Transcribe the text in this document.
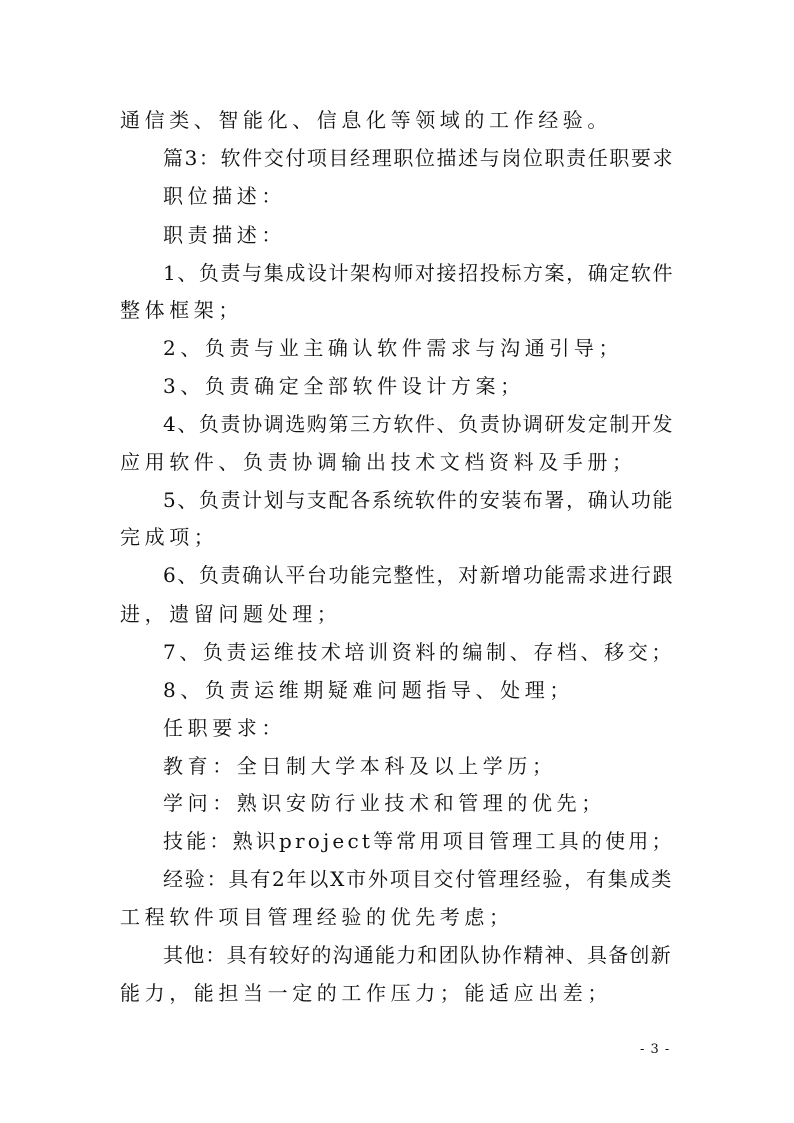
通信类、智能化、信息化等领域的工作经验。
篇3：软件交付项目经理职位描述与岗位职责任职要求
职位描述：
职责描述：
1、负责与集成设计架构师对接招投标方案，确定软件
整体框架；
2、负责与业主确认软件需求与沟通引导；
3、负责确定全部软件设计方案；
4、负责协调选购第三方软件、负责协调研发定制开发
应用软件、负责协调输出技术文档资料及手册；
5、负责计划与支配各系统软件的安装布署，确认功能
完成项；
6、负责确认平台功能完整性，对新增功能需求进行跟
进，遗留问题处理；
7、负责运维技术培训资料的编制、存档、移交；
8、负责运维期疑难问题指导、处理；
任职要求：
教育：全日制大学本科及以上学历；
学问：熟识安防行业技术和管理的优先；
技能：熟识project等常用项目管理工具的使用；
经验：具有2年以X市外项目交付管理经验，有集成类
工程软件项目管理经验的优先考虑；
其他：具有较好的沟通能力和团队协作精神、具备创新
能力，能担当一定的工作压力；能适应出差；
- 3 -
